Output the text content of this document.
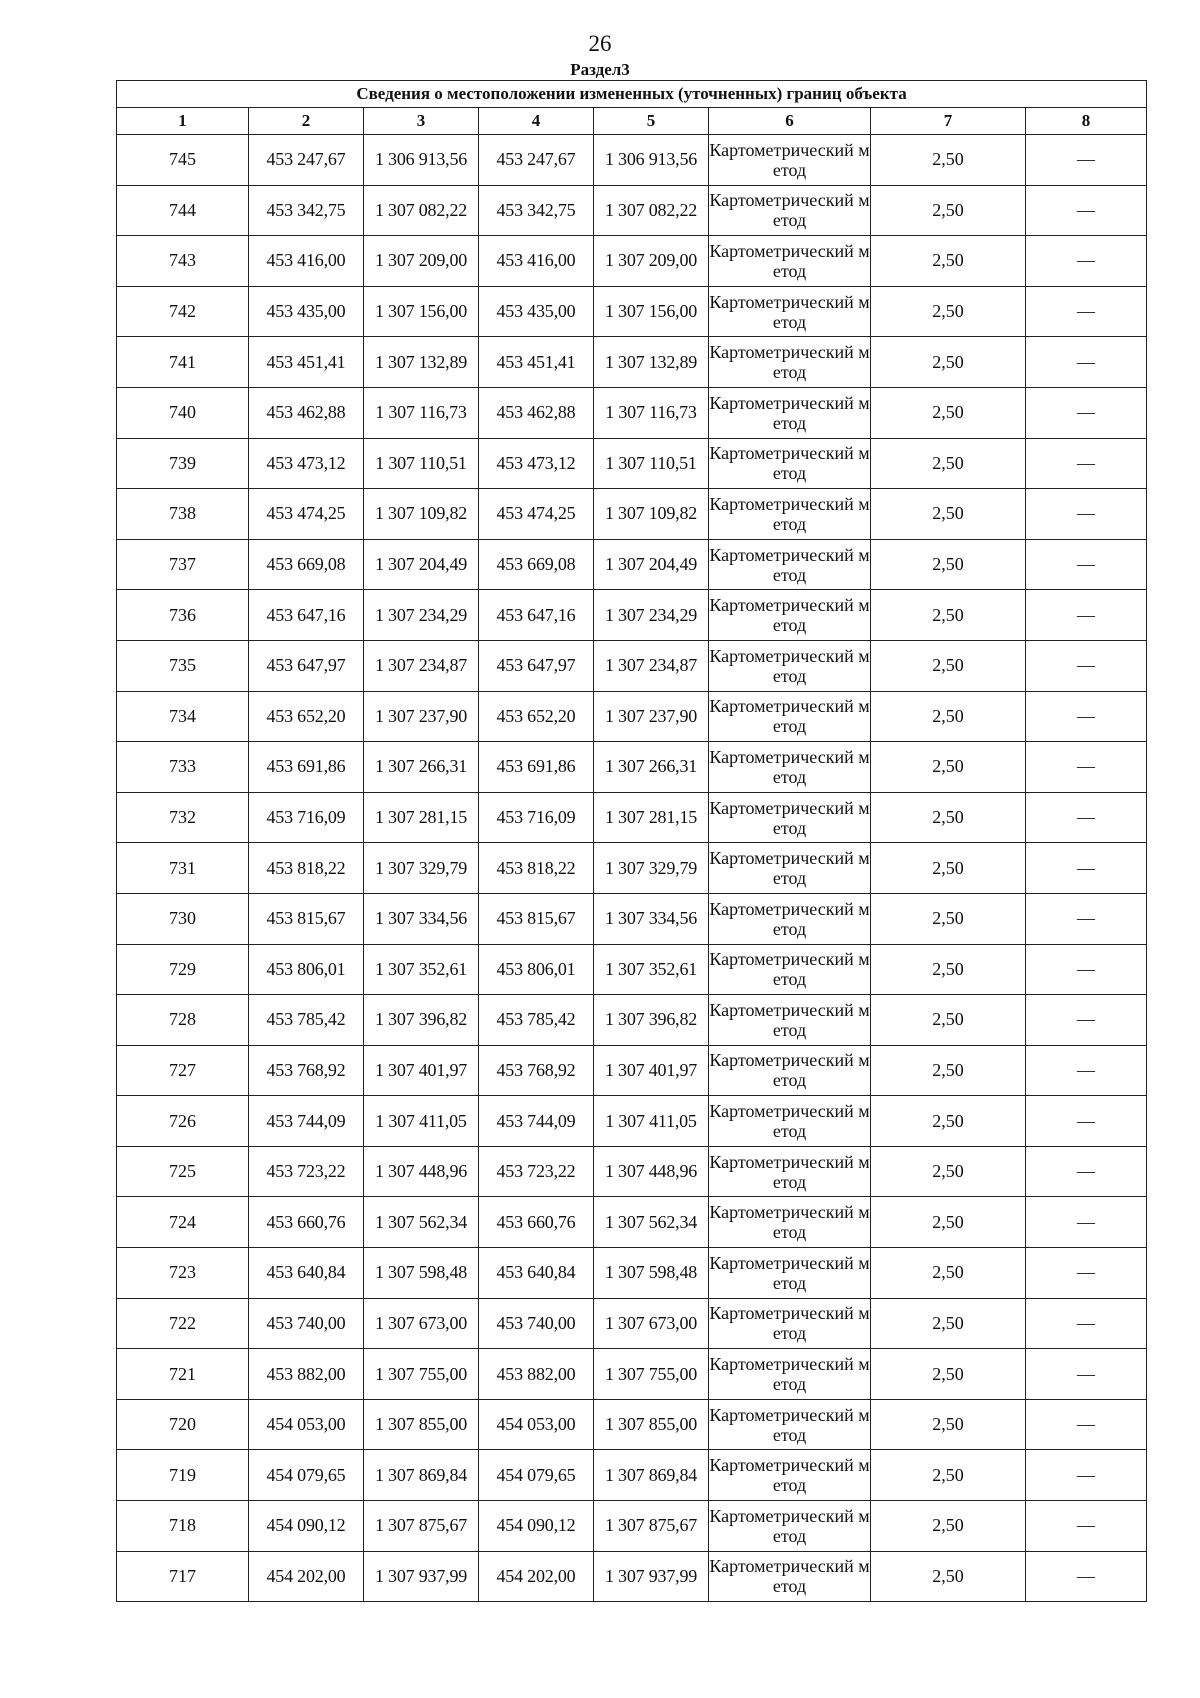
26
Раздел3
Сведения о местоположении измененных (уточненных) границ объекта							
1	2	3	4	5	6	7	8
745	453 247,67	1 306 913,56	453 247,67	1 306 913,56	Картометрический метод	2,50	—
744	453 342,75	1 307 082,22	453 342,75	1 307 082,22	Картометрический метод	2,50	—
743	453 416,00	1 307 209,00	453 416,00	1 307 209,00	Картометрический метод	2,50	—
742	453 435,00	1 307 156,00	453 435,00	1 307 156,00	Картометрический метод	2,50	—
741	453 451,41	1 307 132,89	453 451,41	1 307 132,89	Картометрический метод	2,50	—
740	453 462,88	1 307 116,73	453 462,88	1 307 116,73	Картометрический метод	2,50	—
739	453 473,12	1 307 110,51	453 473,12	1 307 110,51	Картометрический метод	2,50	—
738	453 474,25	1 307 109,82	453 474,25	1 307 109,82	Картометрический метод	2,50	—
737	453 669,08	1 307 204,49	453 669,08	1 307 204,49	Картометрический метод	2,50	—
736	453 647,16	1 307 234,29	453 647,16	1 307 234,29	Картометрический метод	2,50	—
735	453 647,97	1 307 234,87	453 647,97	1 307 234,87	Картометрический метод	2,50	—
734	453 652,20	1 307 237,90	453 652,20	1 307 237,90	Картометрический метод	2,50	—
733	453 691,86	1 307 266,31	453 691,86	1 307 266,31	Картометрический метод	2,50	—
732	453 716,09	1 307 281,15	453 716,09	1 307 281,15	Картометрический метод	2,50	—
731	453 818,22	1 307 329,79	453 818,22	1 307 329,79	Картометрический метод	2,50	—
730	453 815,67	1 307 334,56	453 815,67	1 307 334,56	Картометрический метод	2,50	—
729	453 806,01	1 307 352,61	453 806,01	1 307 352,61	Картометрический метод	2,50	—
728	453 785,42	1 307 396,82	453 785,42	1 307 396,82	Картометрический метод	2,50	—
727	453 768,92	1 307 401,97	453 768,92	1 307 401,97	Картометрический метод	2,50	—
726	453 744,09	1 307 411,05	453 744,09	1 307 411,05	Картометрический метод	2,50	—
725	453 723,22	1 307 448,96	453 723,22	1 307 448,96	Картометрический метод	2,50	—
724	453 660,76	1 307 562,34	453 660,76	1 307 562,34	Картометрический метод	2,50	—
723	453 640,84	1 307 598,48	453 640,84	1 307 598,48	Картометрический метод	2,50	—
722	453 740,00	1 307 673,00	453 740,00	1 307 673,00	Картометрический метод	2,50	—
721	453 882,00	1 307 755,00	453 882,00	1 307 755,00	Картометрический метод	2,50	—
720	454 053,00	1 307 855,00	454 053,00	1 307 855,00	Картометрический метод	2,50	—
719	454 079,65	1 307 869,84	454 079,65	1 307 869,84	Картометрический метод	2,50	—
718	454 090,12	1 307 875,67	454 090,12	1 307 875,67	Картометрический метод	2,50	—
717	454 202,00	1 307 937,99	454 202,00	1 307 937,99	Картометрический метод	2,50	—
